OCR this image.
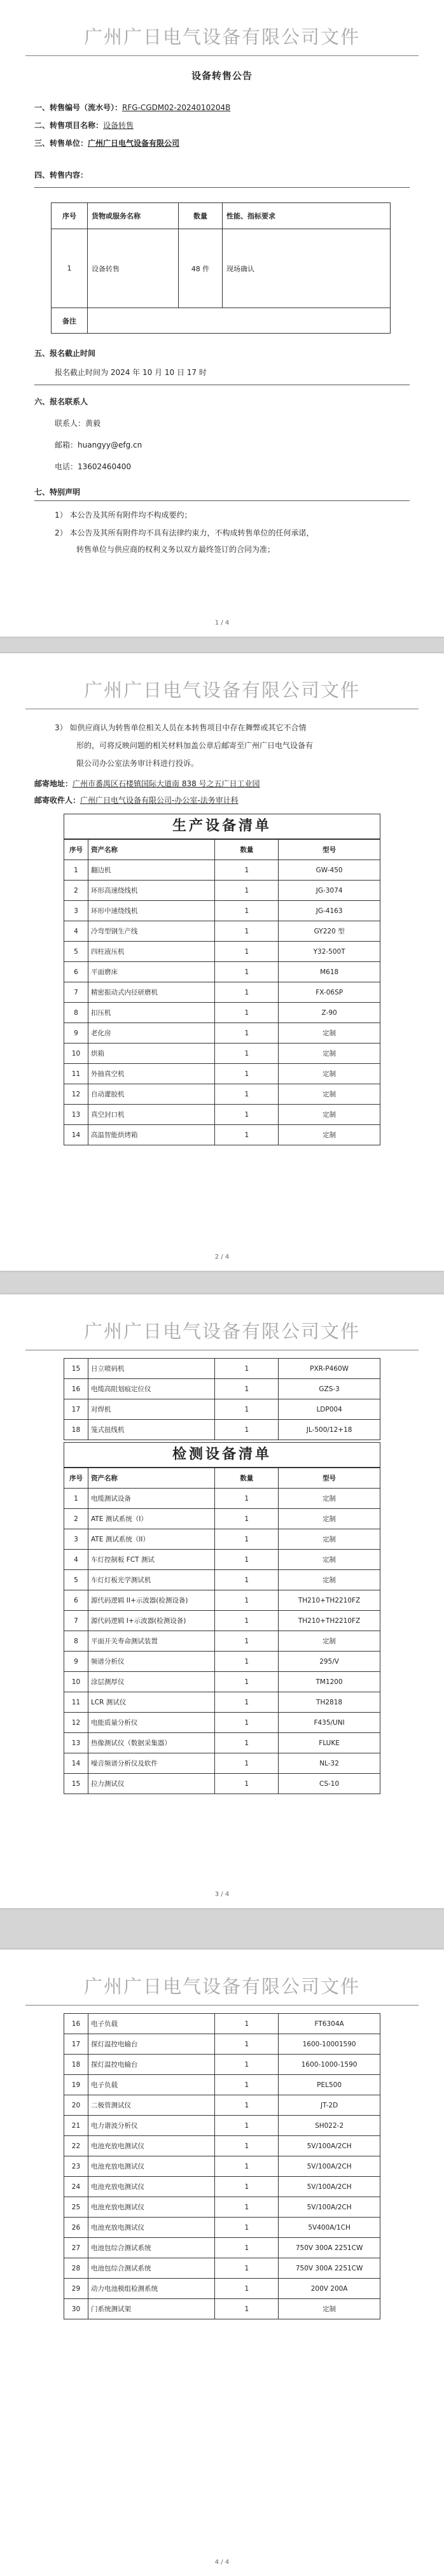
广州广日电气设备有限公司文件
设备转售公告
一、转售编号（流水号）：RFG-CGDM02-2024010204B
二、转售项目名称：设备转售
三、转售单位：广州广日电气设备有限公司
四、转售内容：
序号	货物或服务名称	数量	性能、指标要求
1	设备转售	48 件	现场确认
备注			
五、报名截止时间
报名截止时间为 2024 年 10 月 10 日 17 时
六、报名联系人
联系人：黄毅
邮箱：huangyy@efg.cn
电话：13602460400
七、特别声明
1） 本公告及其所有附件均不构成要约；
2） 本公告及其所有附件均不具有法律约束力，不构成转售单位的任何承诺，
转售单位与供应商的权利义务以双方最终签订的合同为准；
1 / 4
广州广日电气设备有限公司文件
3） 如供应商认为转售单位相关人员在本转售项目中存在舞弊或其它不合情
形的，可将反映问题的相关材料加盖公章后邮寄至广州广日电气设备有
限公司办公室法务审计科进行投诉。
邮寄地址：广州市番禺区石楼镇国际大道南 838 号之五广日工业园
邮寄收件人：广州广日电气设备有限公司-办公室-法务审计科
生产设备清单
序号	资产名称	数量	型号
1	翻边机	1	GW-450
2	环形高速绕线机	1	JG-3074
3	环形中速绕线机	1	JG-4163
4	冷弯型钢生产线	1	GY220 型
5	四柱液压机	1	Y32-500T
6	平面磨床	1	M618
7	精密振动式内径研磨机	1	FX-06SP
8	扣压机	1	Z-90
9	老化房	1	定制
10	烘箱	1	定制
11	外抽真空机	1	定制
12	自动灌胶机	1	定制
13	真空封口机	1	定制
14	高温智能烘烤箱	1	定制
2 / 4
广州广日电气设备有限公司文件
15	日立喷码机	1	PXR-P460W
16	电缆高阻划痕定位仪	1	GZS-3
17	对焊机	1	LDP004
18	笼式扭线机	1	JL-500/12+18
检测设备清单
序号	资产名称	数量	型号
1	电缆测试设备	1	定制
2	ATE 测试系统（I）	1	定制
3	ATE 测试系统（II）	1	定制
4	车灯控制板 FCT 测试	1	定制
5	车灯灯板光学测试机	1	定制
6	源代码逻辑 II+示波器(检测设备)	1	TH210+TH2210FZ
7	源代码逻辑 I+示波器(检测设备)	1	TH210+TH2210FZ
8	平面开关寿命测试装置	1	定制
9	频谱分析仪	1	295/V
10	涂层测厚仪	1	TM1200
11	LCR 测试仪	1	TH2818
12	电能质量分析仪	1	F435/UNI
13	热像测试仪（数据采集器）	1	FLUKE
14	噪音频谱分析仪及软件	1	NL-32
15	拉力测试仪	1	CS-10
3 / 4
广州广日电气设备有限公司文件
16	电子负载	1	FT6304A
17	探灯温控电输台	1	1600-10001590
18	探灯温控电输台	1	1600-1000-1590
19	电子负载	1	PEL500
20	二极管测试仪	1	JT-2D
21	电力谐波分析仪	1	SH022-2
22	电池充放电测试仪	1	5V/100A/2CH
23	电池充放电测试仪	1	5V/100A/2CH
24	电池充放电测试仪	1	5V/100A/2CH
25	电池充放电测试仪	1	5V/100A/2CH
26	电池充放电测试仪	1	5V400A/1CH
27	电池包综合测试系统	1	750V 300A 2251CW
28	电池包综合测试系统	1	750V 300A 2251CW
29	动力电池模组检测系统	1	200V 200A
30	门系统测试架	1	定制
4 / 4
